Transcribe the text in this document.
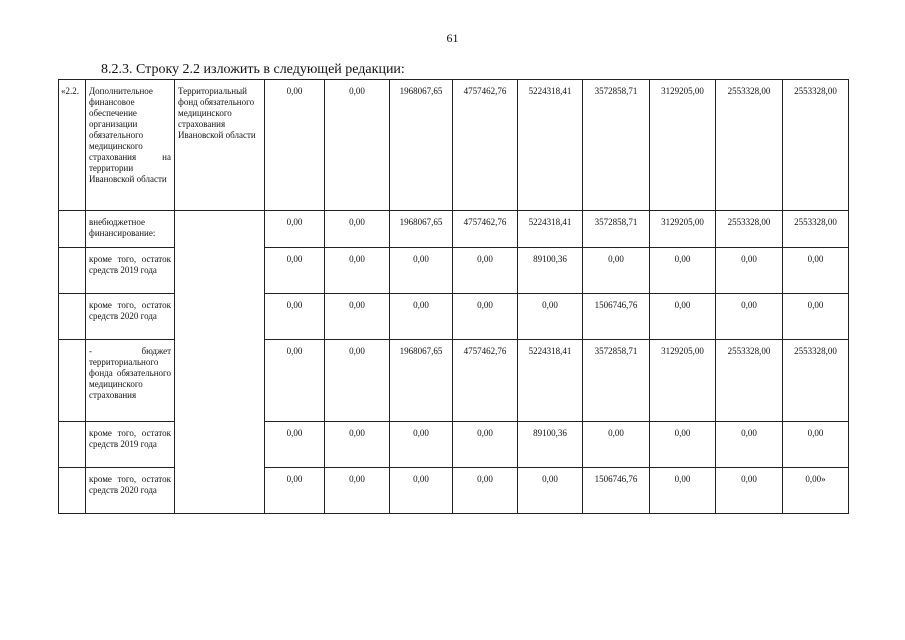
61
8.2.3. Строку 2.2 изложить в следующей редакции:
«2.2.	Дополнительное финансовое обеспечение организации обязательного медицинского страхования на территории Ивановской области	Территориальный фонд обязательного медицинского страхования Ивановской области	0,00	0,00	1968067,65	4757462,76	5224318,41	3572858,71	3129205,00	2553328,00	2553328,00
	внебюджетное финансирование:		0,00	0,00	1968067,65	4757462,76	5224318,41	3572858,71	3129205,00	2553328,00	2553328,00
	кроме того, остаток средств 2019 года		0,00	0,00	0,00	0,00	89100,36	0,00	0,00	0,00	0,00
	кроме того, остаток средств 2020 года		0,00	0,00	0,00	0,00	0,00	1506746,76	0,00	0,00	0,00
	- бюджет территориального фонда обязательного медицинского страхования		0,00	0,00	1968067,65	4757462,76	5224318,41	3572858,71	3129205,00	2553328,00	2553328,00
	кроме того, остаток средств 2019 года		0,00	0,00	0,00	0,00	89100,36	0,00	0,00	0,00	0,00
	кроме того, остаток средств 2020 года		0,00	0,00	0,00	0,00	0,00	1506746,76	0,00	0,00	0,00»
